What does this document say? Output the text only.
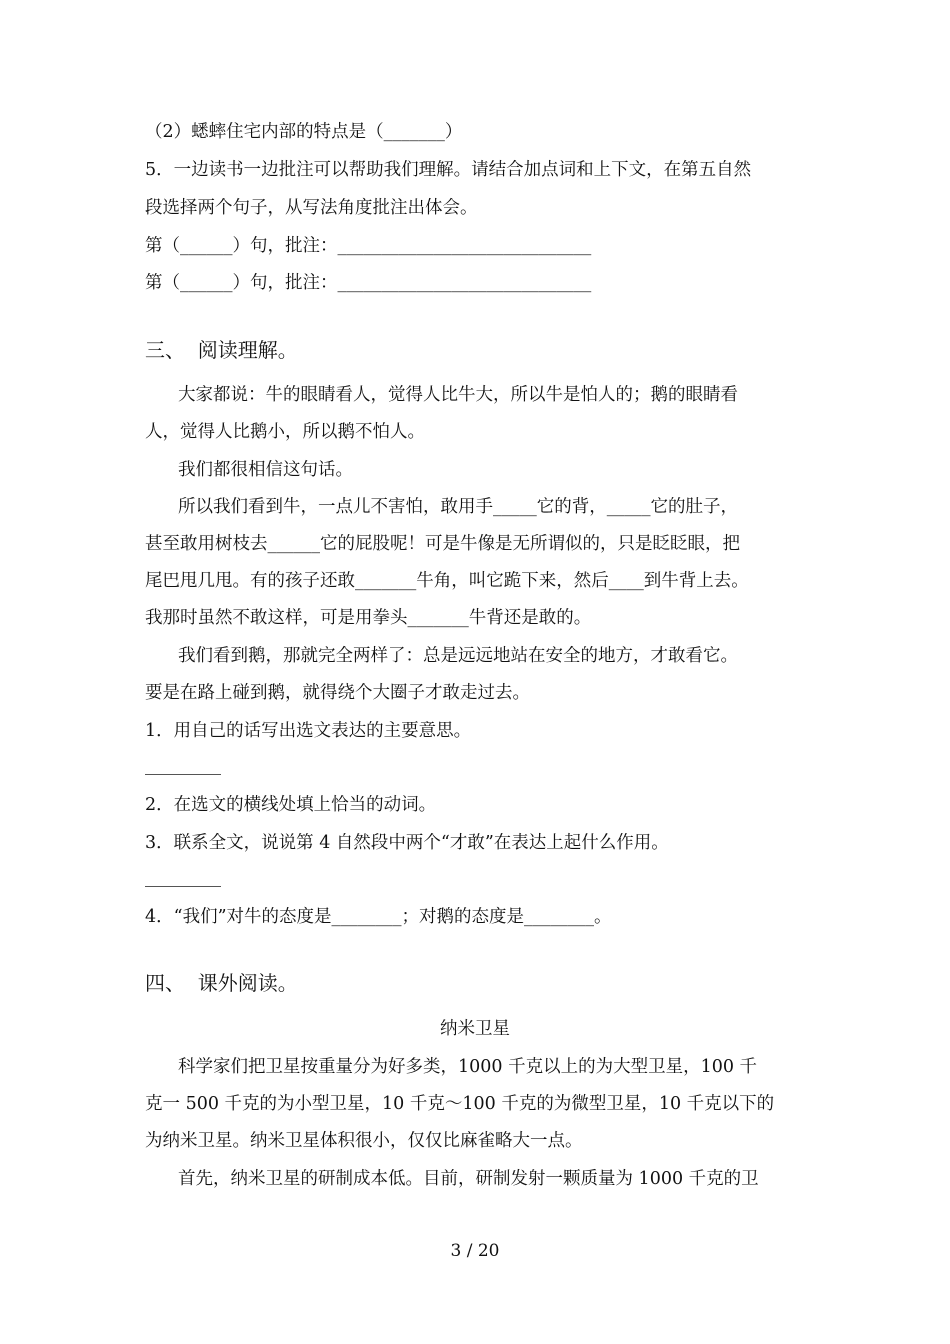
（2）蟋蟀住宅内部的特点是（_______）
5．一边读书一边批注可以帮助我们理解。请结合加点词和上下文，在第五自然
段选择两个句子，从写法角度批注出体会。
第（______）句，批注：_____________________________
第（______）句，批注：_____________________________
三、  阅读理解。
大家都说：牛的眼睛看人，觉得人比牛大，所以牛是怕人的；鹅的眼睛看
人，觉得人比鹅小，所以鹅不怕人。
我们都很相信这句话。
所以我们看到牛，一点儿不害怕，敢用手_____它的背，_____它的肚子，
甚至敢用树枝去______它的屁股呢！可是牛像是无所谓似的，只是眨眨眼，把
尾巴甩几甩。有的孩子还敢_______牛角，叫它跪下来，然后____到牛背上去。
我那时虽然不敢这样，可是用拳头_______牛背还是敢的。
我们看到鹅，那就完全两样了：总是远远地站在安全的地方，才敢看它。
要是在路上碰到鹅，就得绕个大圈子才敢走过去。
1．用自己的话写出选文表达的主要意思。
2．在选文的横线处填上恰当的动词。
3．联系全文，说说第 4 自然段中两个“才敢”在表达上起什么作用。
4．“我们”对牛的态度是________；对鹅的态度是________。
四、  课外阅读。
纳米卫星
科学家们把卫星按重量分为好多类，1000 千克以上的为大型卫星，100 千
克一 500 千克的为小型卫星，10 千克～100 千克的为微型卫星，10 千克以下的
为纳米卫星。纳米卫星体积很小，仅仅比麻雀略大一点。
首先，纳米卫星的研制成本低。目前，研制发射一颗质量为 1000 千克的卫
3 / 20
